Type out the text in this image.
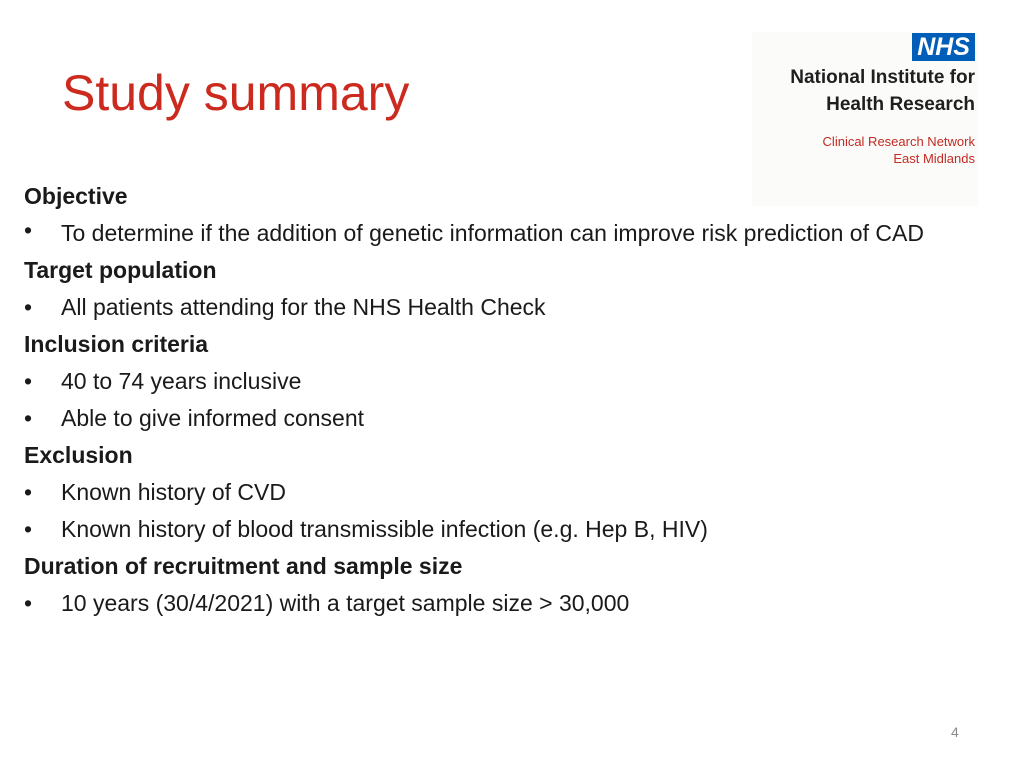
Study summary
NHS
National Institute for
Health Research
Clinical Research Network
East Midlands
Objective
• To determine if the addition of genetic information can improve risk prediction of CAD
Target population
• All patients attending for the NHS Health Check
Inclusion criteria
• 40 to 74 years inclusive
• Able to give informed consent
Exclusion
• Known history of CVD
• Known history of blood transmissible infection (e.g. Hep B, HIV)
Duration of recruitment and sample size
• 10 years (30/4/2021) with a target sample size > 30,000
4
